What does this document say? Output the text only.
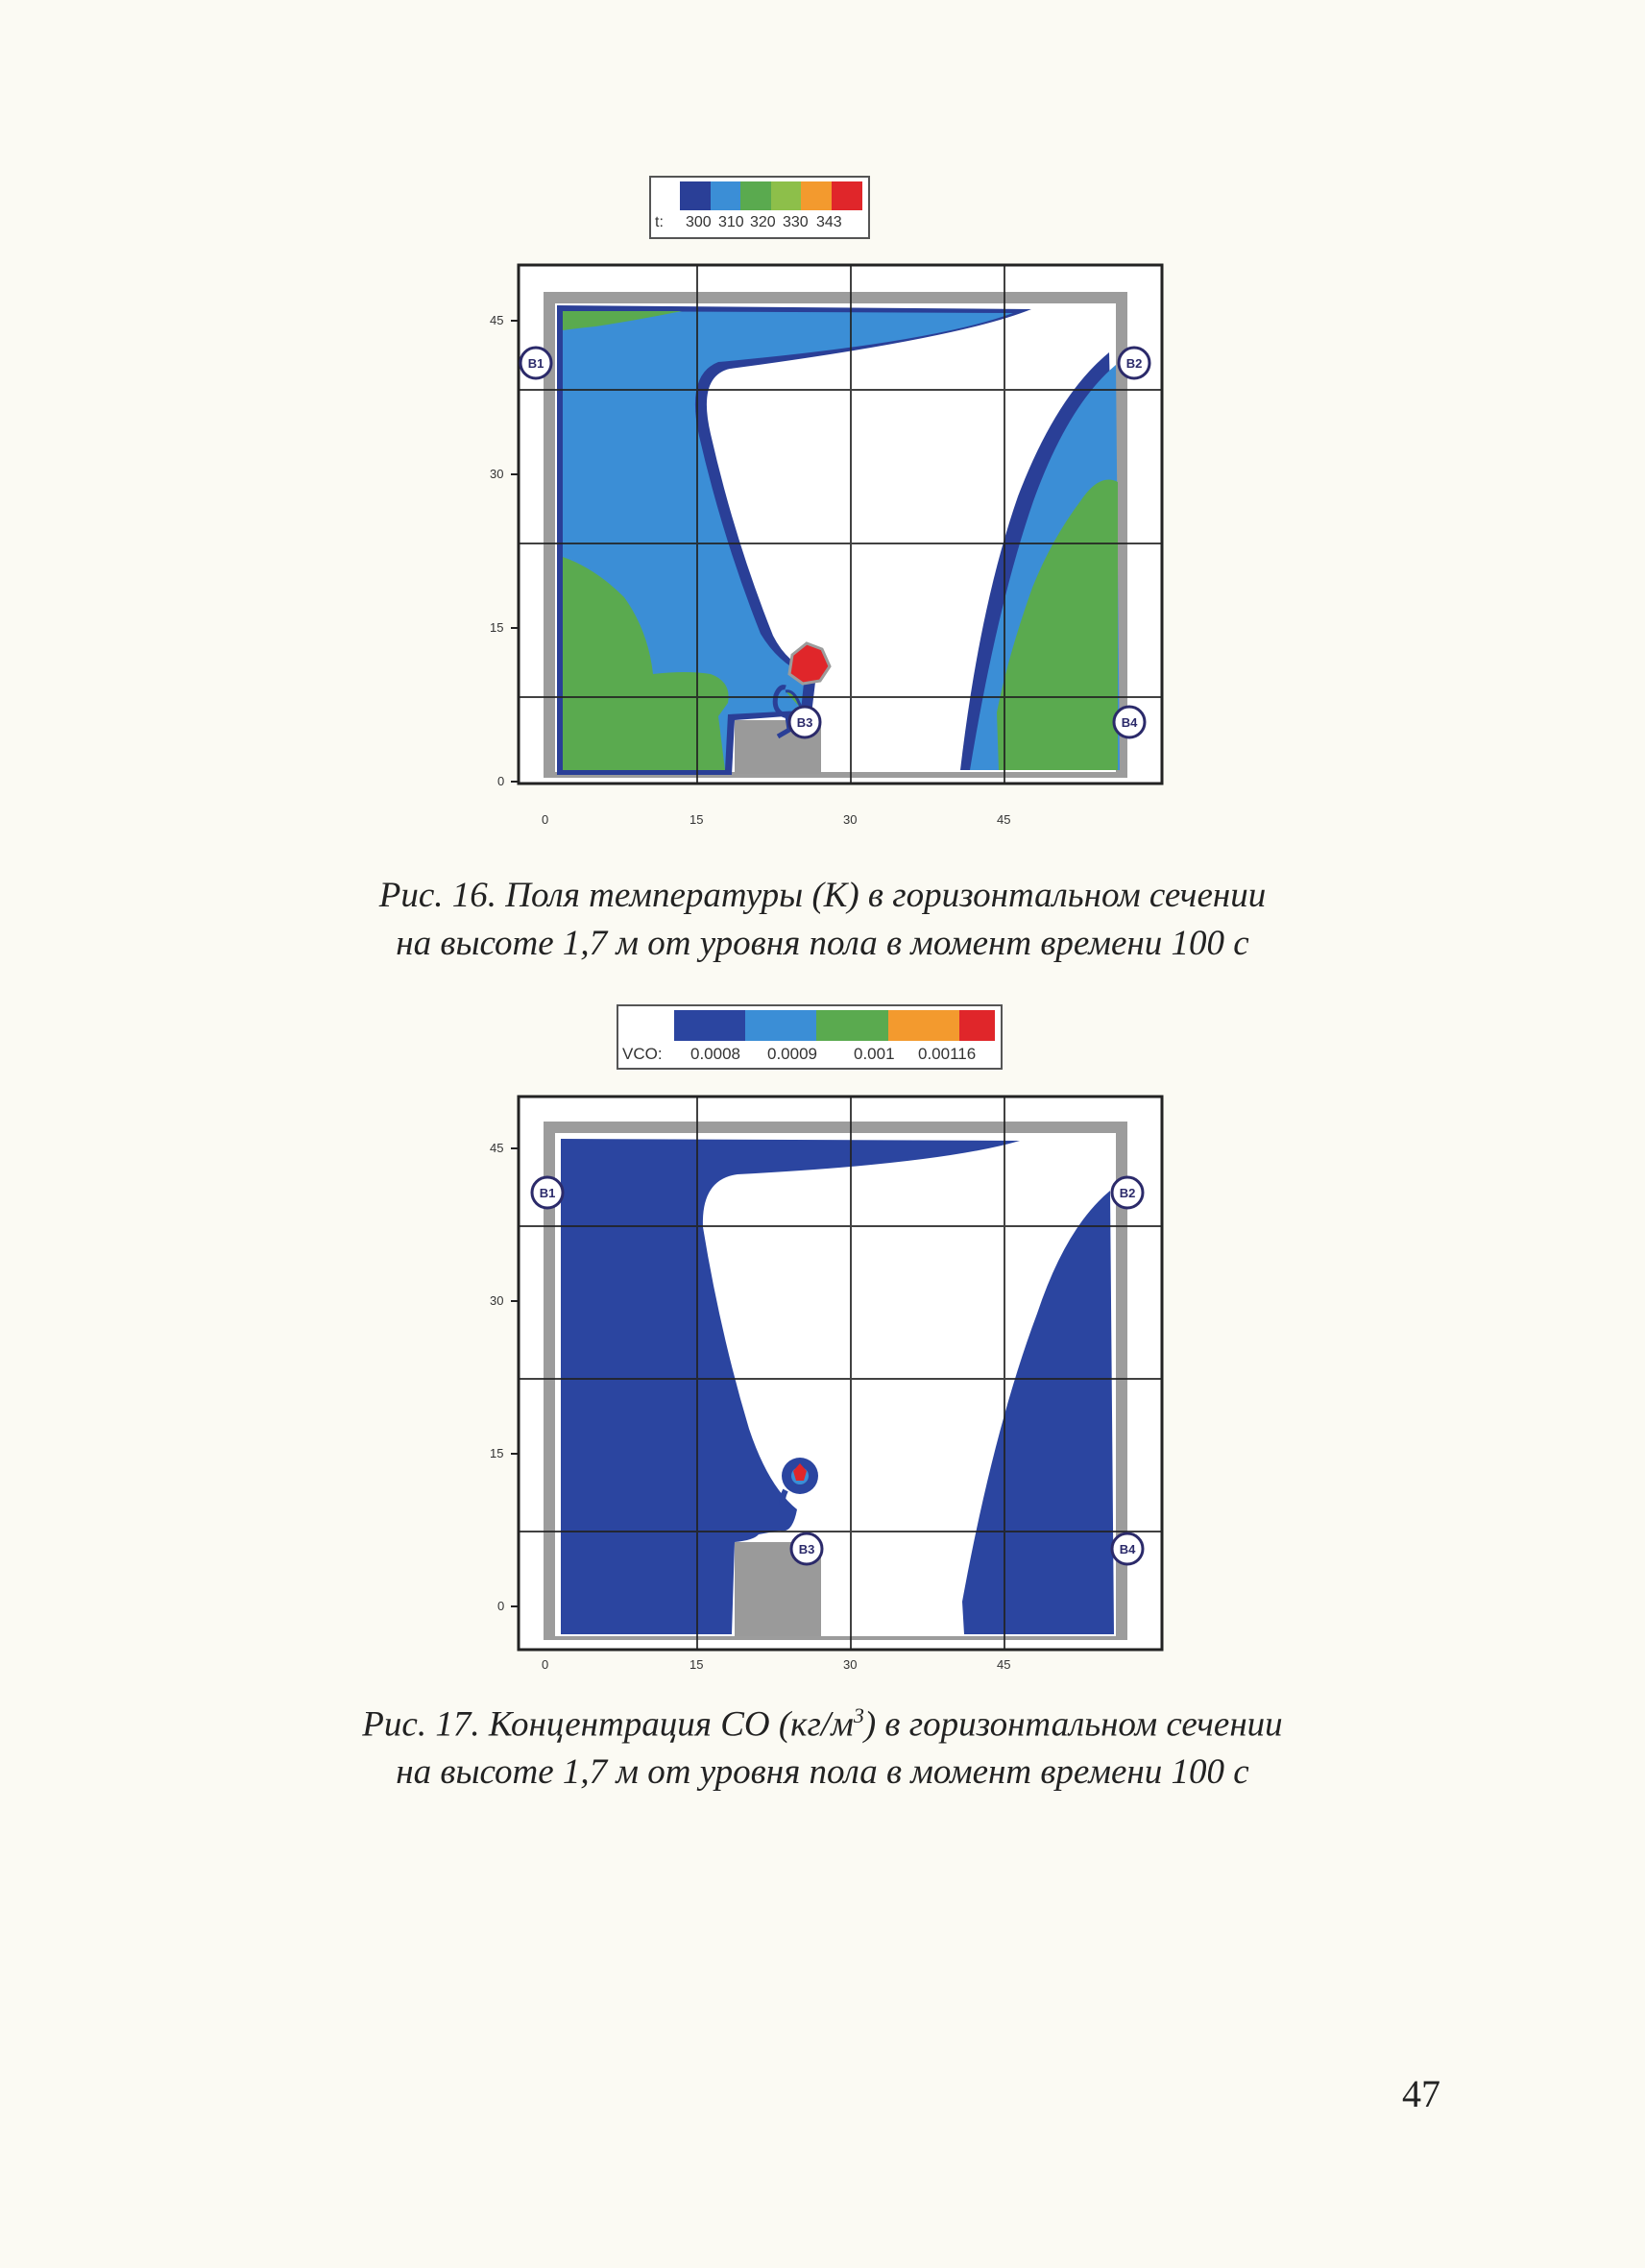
t: 300 310 320 330 343
45
30
15
0
0	15	30	45
B1	B2
B3	B4
Рис. 16. Поля температуры (К) в горизонтальном сечении
на высоте 1,7 м от уровня пола в момент времени 100 с
VCO: 0.0008 0.0009 0.001 0.00116
45
30
15
0
0	15	30	45
B1	B2
B3	B4
Рис. 17. Концентрация CO $(кг/м^3)$ в горизонтальном сечении
на высоте 1,7 м от уровня пола в момент времени 100 с
47
